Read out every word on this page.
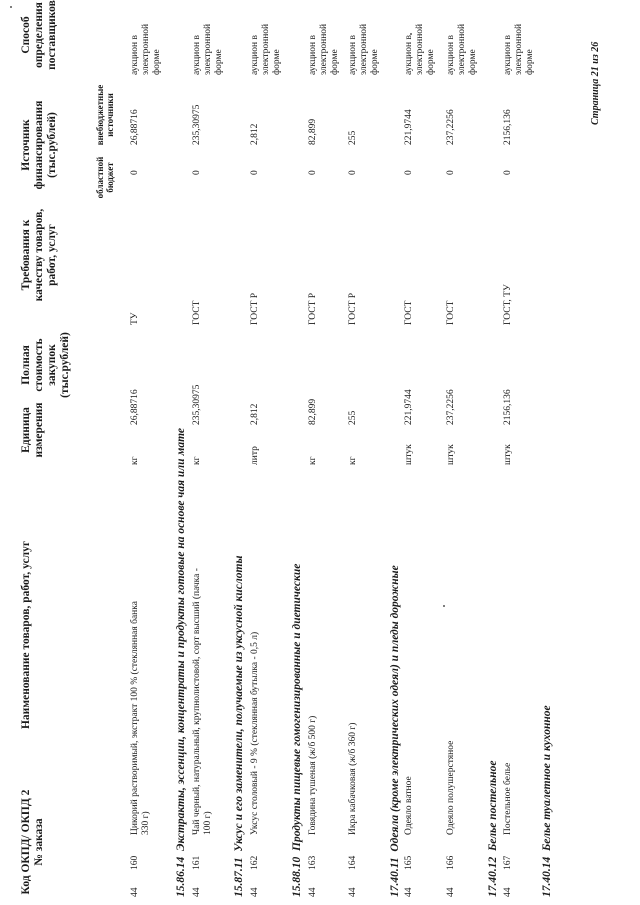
Код ОКПД/ ОКПД 2 № заказа
Наименование товаров, работ, услуг
Единица измерения
Полная стоимость закупок (тыс.рублей)
Требования к качеству товаров, работ, услуг
Источник финансирования (тыс.рублей)	областной бюджет
внебюджетные источники
Способ определения поставщиков
44
160
Цикорий растворимый, экстракт 100 % (стеклянная банка 330 г)
кг
26,88716
ТУ
0
26,88716
аукцион в электронной форме
15.86.14  Экстракты, эссенции, концентраты и продукты готовые на основе чая или мате
44
161
Чай черный, натуральный, крупнолистовой, сорт высший (пачка - 100 г)
кг
235,30975
ГОСТ
0
235,30975
аукцион в электронной форме
15.87.11  Уксус и его заменители, получаемые из уксусной кислоты
44
162
Уксус столовый - 9 % (стеклянная бутылка - 0,5 л)
литр
2,812
ГОСТ Р
0
2,812
аукцион в электронной форме
15.88.10  Продукты пищевые гомогенизированные и диетические
44
163
Говядина тушеная (ж/б 500 г)
кг
82,899
ГОСТ Р
0
82,899
аукцион в электронной форме
44
164
Икра кабачковая (ж/б 360 г)
кг
255
ГОСТ Р
0
255
аукцион в электронной форме
17.40.11  Одеяла (кроме электрических одеял) и пледы дорожные
44
165
Одеяло ватное
штук
221,9744
ГОСТ
0
221,9744
аукцион в электронной форме
44
166
Одеяло полушерстяное
штук
237,2256
ГОСТ
0
237,2256
аукцион в электронной форме
17.40.12  Белье постельное
44
167
Постельное белье
штук
2156,136
ГОСТ, ТУ
0
2156,136
аукцион в электронной форме
17.40.14  Белье туалетное и кухонное
Страница 21 из 26
